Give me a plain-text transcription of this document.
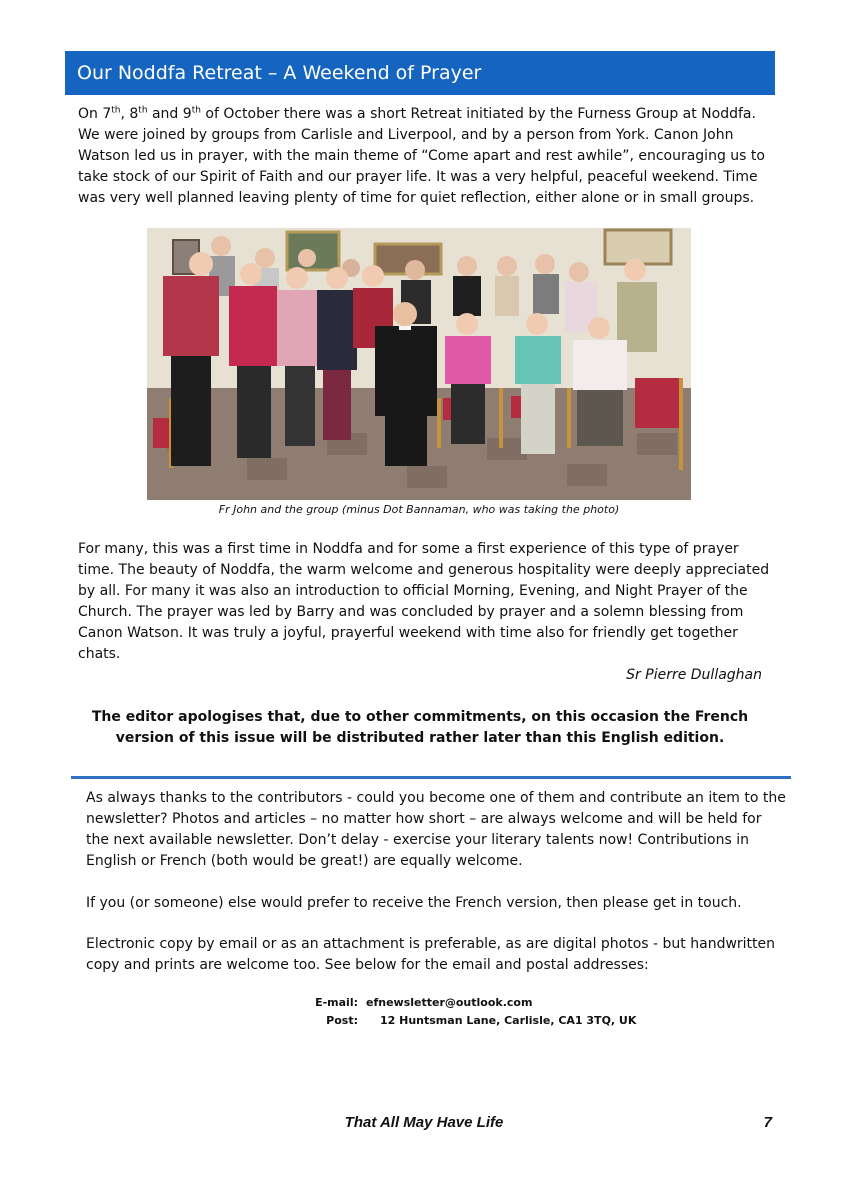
Our Noddfa Retreat – A Weekend of Prayer

On 7th, 8th and 9th of October there was a short Retreat initiated by the Furness Group at Noddfa. We were joined by groups from Carlisle and Liverpool, and by a person from York. Canon John Watson led us in prayer, with the main theme of “Come apart and rest awhile”, encouraging us to take stock of our Spirit of Faith and our prayer life. It was a very helpful, peaceful weekend. Time was very well planned leaving plenty of time for quiet reflection, either alone or in small groups.

Fr John and the group (minus Dot Bannaman, who was taking the photo)

For many, this was a first time in Noddfa and for some a first experience of this type of prayer time. The beauty of Noddfa, the warm welcome and generous hospitality were deeply appreciated by all. For many it was also an introduction to official Morning, Evening, and Night Prayer of the Church. The prayer was led by Barry and was concluded by prayer and a solemn blessing from Canon Watson. It was truly a joyful, prayerful weekend with time also for friendly get together chats.

Sr Pierre Dullaghan
The editor apologises that, due to other commitments, on this occasion the French version of this issue will be distributed rather later than this English edition.

As always thanks to the contributors - could you become one of them and contribute an item to the newsletter? Photos and articles – no matter how short – are always welcome and will be held for the next available newsletter. Don’t delay - exercise your literary talents now! Contributions in English or French (both would be great!) are equally welcome.

If you (or someone) else would prefer to receive the French version, then please get in touch.

Electronic copy by email or as an attachment is preferable, as are digital photos - but handwritten copy and prints are welcome too. See below for the email and postal addresses:

E-mail: efnewsletter@outlook.com
Post:	12 Huntsman Lane, Carlisle, CA1 3TQ, UK
That All May Have Life	7
